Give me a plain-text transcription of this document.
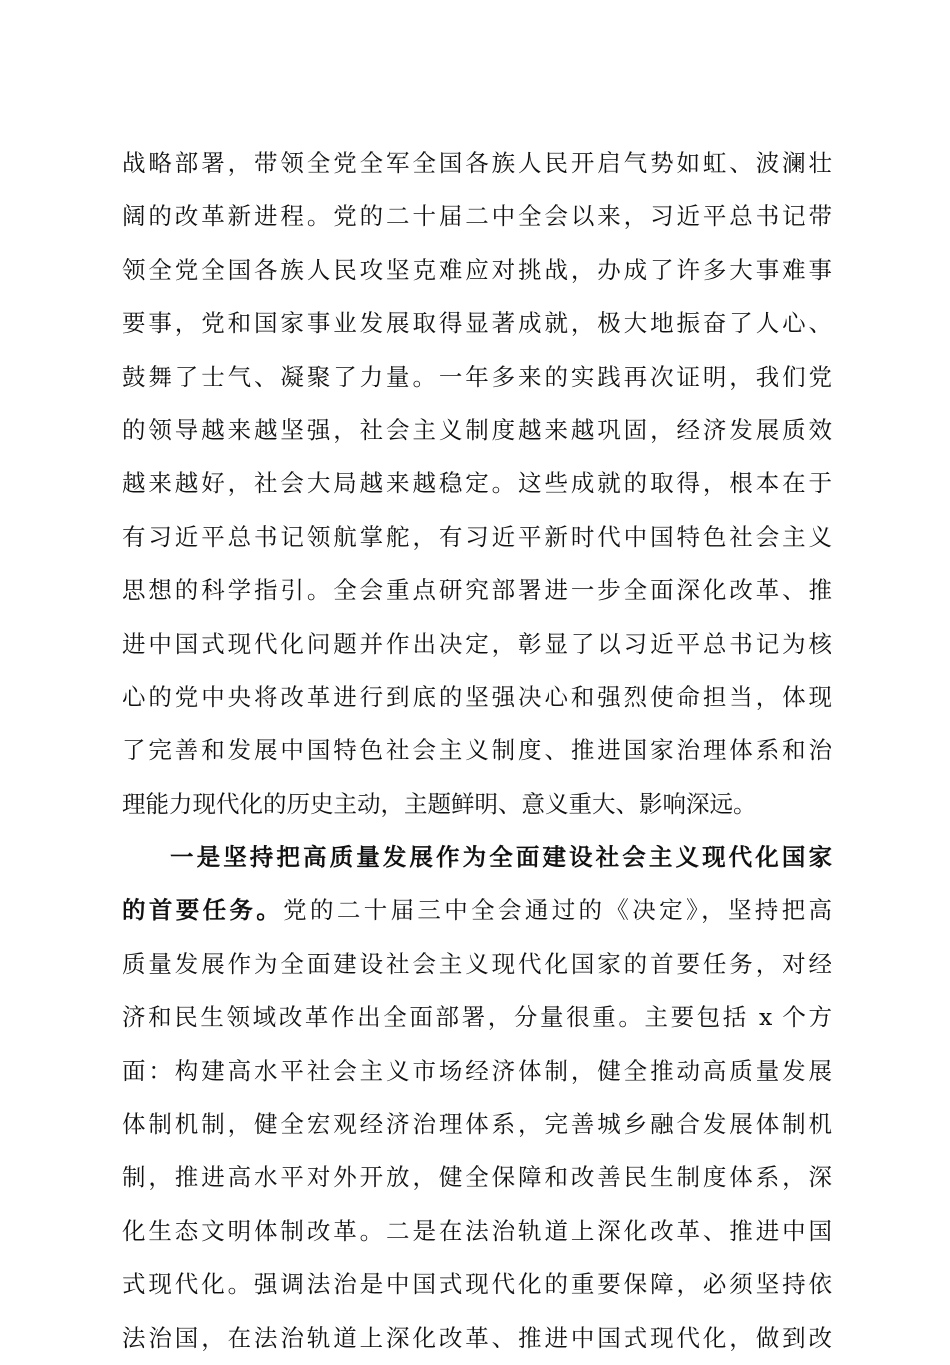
战略部署，带领全党全军全国各族人民开启气势如虹、波澜壮
阔的改革新进程。党的二十届二中全会以来，习近平总书记带
领全党全国各族人民攻坚克难应对挑战，办成了许多大事难事
要事，党和国家事业发展取得显著成就，极大地振奋了人心、
鼓舞了士气、凝聚了力量。一年多来的实践再次证明，我们党
的领导越来越坚强，社会主义制度越来越巩固，经济发展质效
越来越好，社会大局越来越稳定。这些成就的取得，根本在于
有习近平总书记领航掌舵，有习近平新时代中国特色社会主义
思想的科学指引。全会重点研究部署进一步全面深化改革、推
进中国式现代化问题并作出决定，彰显了以习近平总书记为核
心的党中央将改革进行到底的坚强决心和强烈使命担当，体现
了完善和发展中国特色社会主义制度、推进国家治理体系和治
理能力现代化的历史主动，主题鲜明、意义重大、影响深远。
一是坚持把高质量发展作为全面建设社会主义现代化国家
的首要任务。党的二十届三中全会通过的《决定》，坚持把高
质量发展作为全面建设社会主义现代化国家的首要任务，对经
济和民生领域改革作出全面部署，分量很重。主要包括 x 个方
面：构建高水平社会主义市场经济体制，健全推动高质量发展
体制机制，健全宏观经济治理体系，完善城乡融合发展体制机
制，推进高水平对外开放，健全保障和改善民生制度体系，深
化生态文明体制改革。二是在法治轨道上深化改革、推进中国
式现代化。强调法治是中国式现代化的重要保障，必须坚持依
法治国，在法治轨道上深化改革、推进中国式现代化，做到改
